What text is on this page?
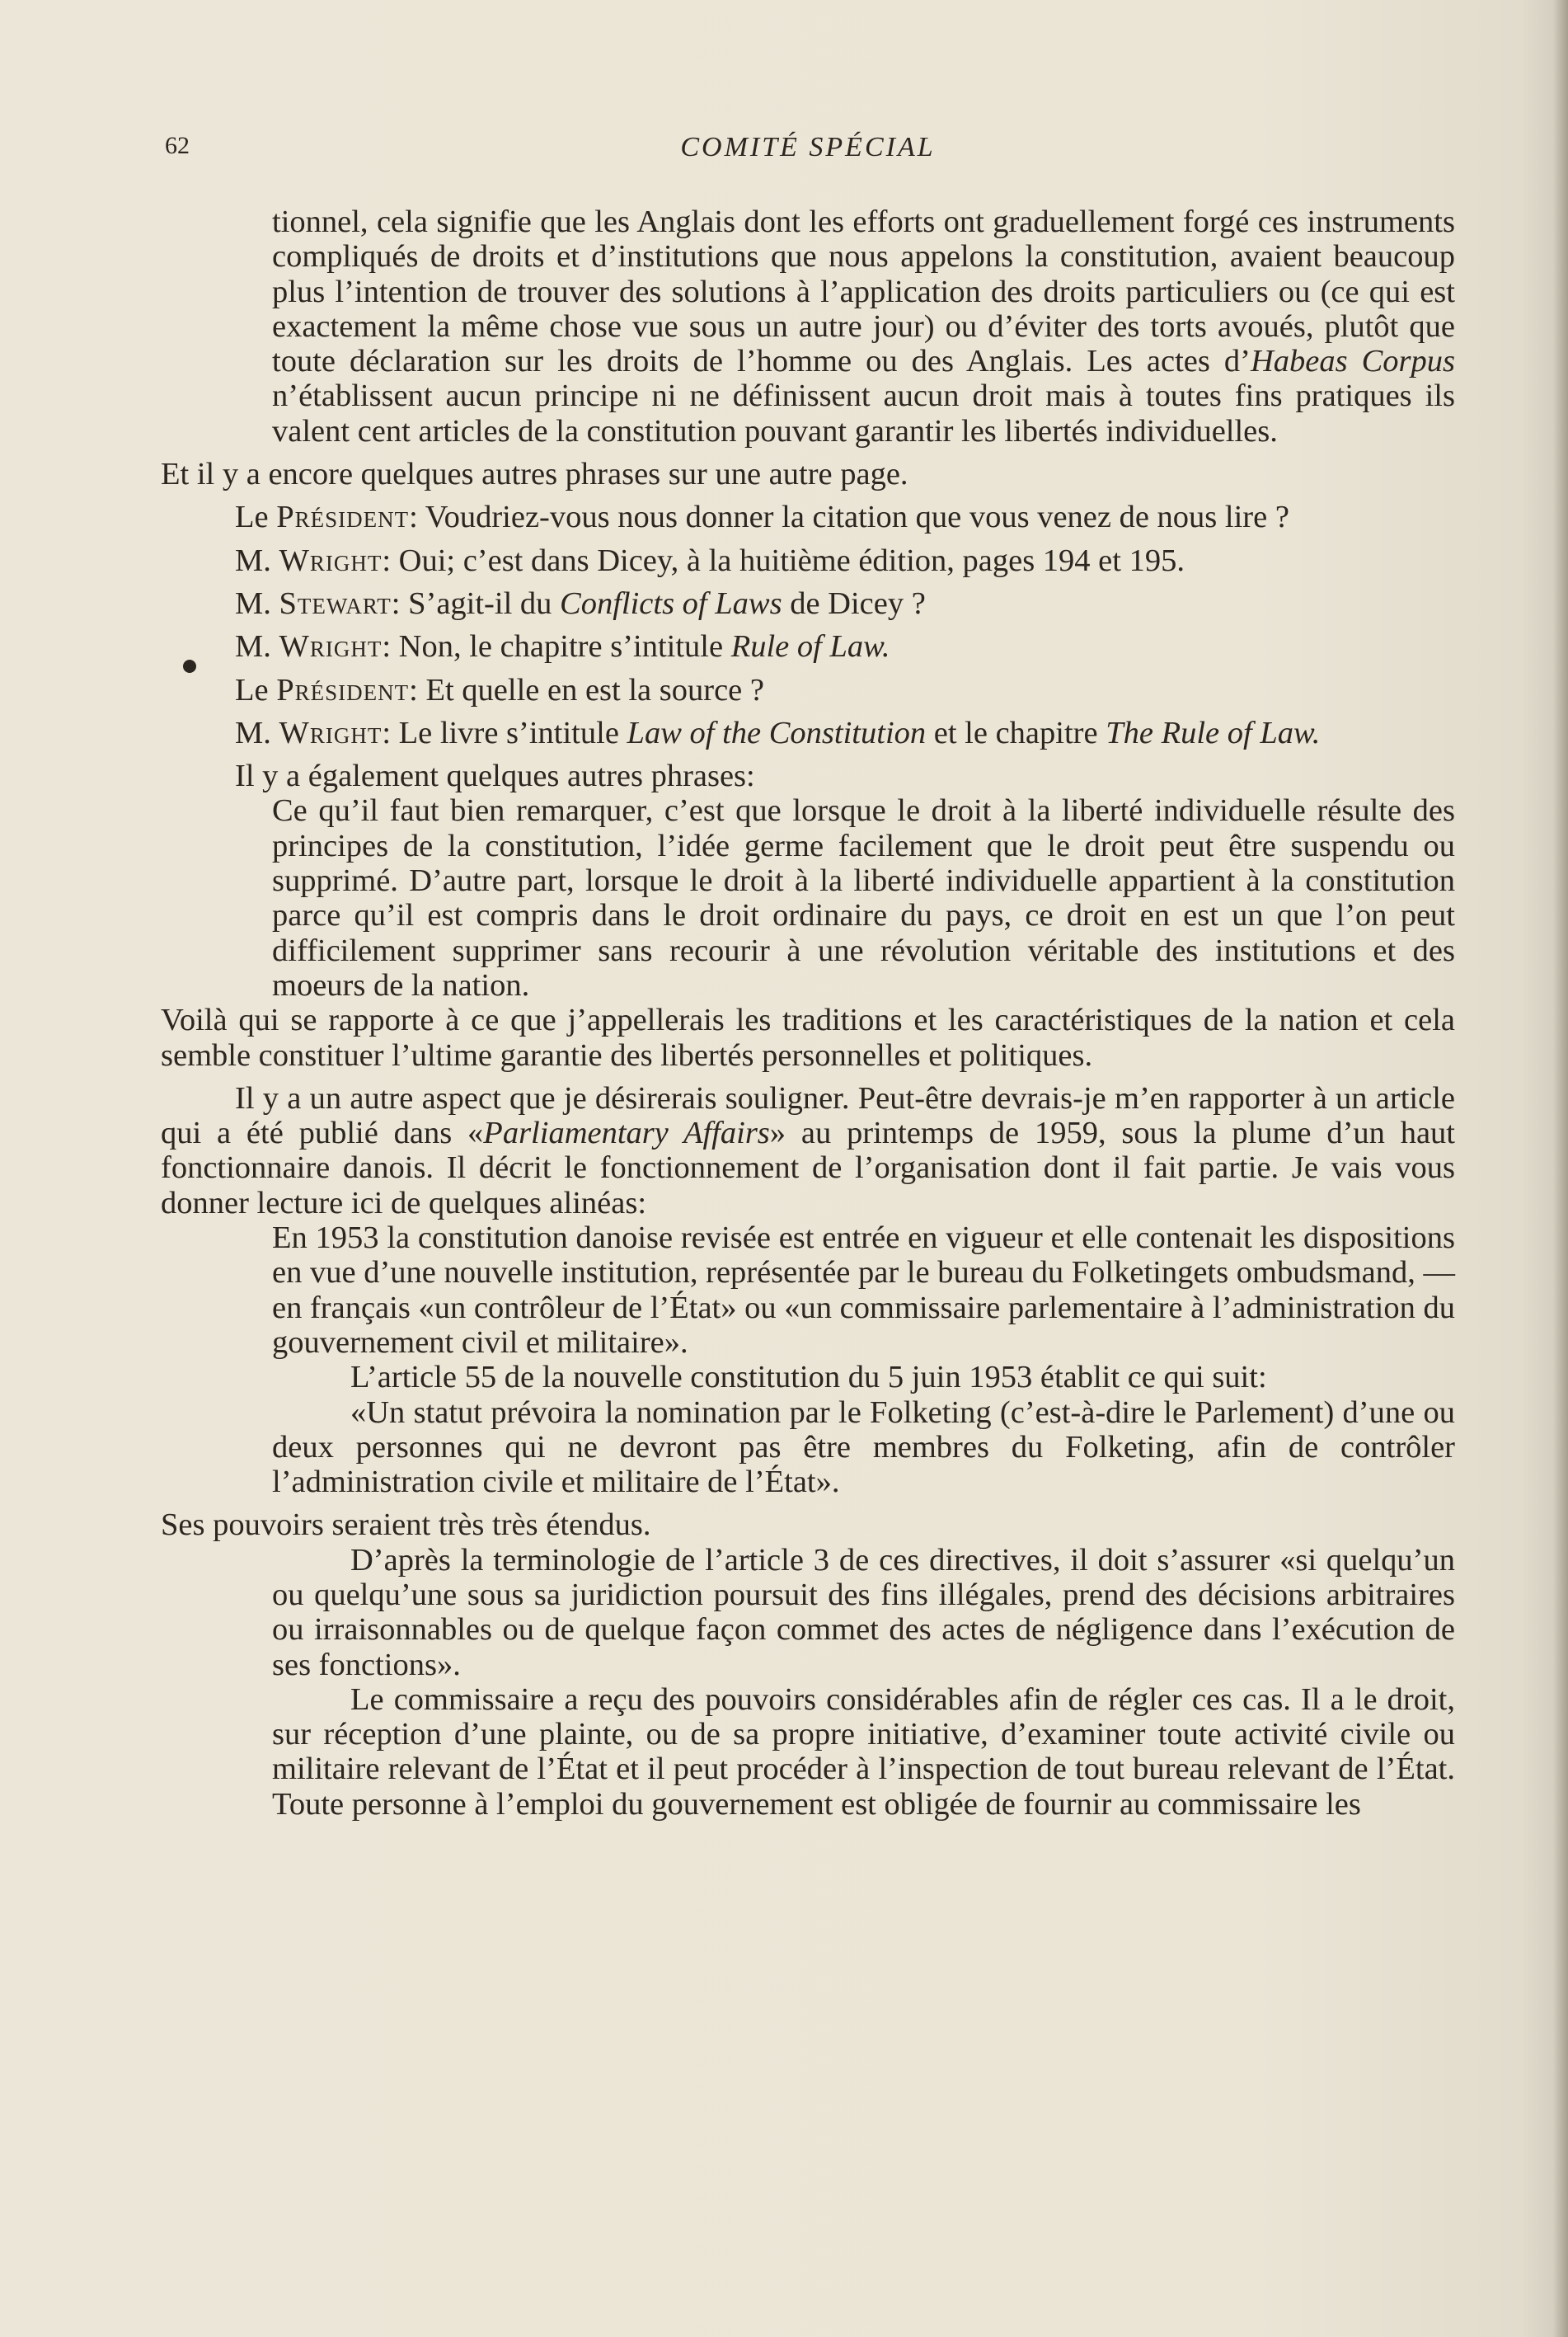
62	COMITÉ SPÉCIAL

tionnel, cela signifie que les Anglais dont les efforts ont graduellement forgé ces instruments compliqués de droits et d’institutions que nous appelons la constitution, avaient beaucoup plus l’intention de trouver des solutions à l’application des droits particuliers ou (ce qui est exactement la même chose vue sous un autre jour) ou d’éviter des torts avoués, plutôt que toute déclaration sur les droits de l’homme ou des Anglais. Les actes d’Habeas Corpus n’établissent aucun principe ni ne définissent aucun droit mais à toutes fins pratiques ils valent cent articles de la constitution pouvant garantir les libertés individuelles.

Et il y a encore quelques autres phrases sur une autre page.

Le Président: Voudriez-vous nous donner la citation que vous venez de nous lire ?

M. Wright: Oui; c’est dans Dicey, à la huitième édition, pages 194 et 195.

M. Stewart: S’agit-il du Conflicts of Laws de Dicey ?

M. Wright: Non, le chapitre s’intitule Rule of Law.

Le Président: Et quelle en est la source ?

M. Wright: Le livre s’intitule Law of the Constitution et le chapitre The Rule of Law.

Il y a également quelques autres phrases:

Ce qu’il faut bien remarquer, c’est que lorsque le droit à la liberté individuelle résulte des principes de la constitution, l’idée germe facilement que le droit peut être suspendu ou supprimé. D’autre part, lorsque le droit à la liberté individuelle appartient à la constitution parce qu’il est compris dans le droit ordinaire du pays, ce droit en est un que l’on peut difficilement supprimer sans recourir à une révolution véritable des institutions et des moeurs de la nation.

Voilà qui se rapporte à ce que j’appellerais les traditions et les caractéristiques de la nation et cela semble constituer l’ultime garantie des libertés personnelles et politiques.

Il y a un autre aspect que je désirerais souligner. Peut-être devrais-je m’en rapporter à un article qui a été publié dans «Parliamentary Affairs» au printemps de 1959, sous la plume d’un haut fonctionnaire danois. Il décrit le fonctionnement de l’organisation dont il fait partie. Je vais vous donner lecture ici de quelques alinéas:

En 1953 la constitution danoise revisée est entrée en vigueur et elle contenait les dispositions en vue d’une nouvelle institution, représentée par le bureau du Folketingets ombudsmand, — en français «un contrôleur de l’État» ou «un commissaire parlementaire à l’administration du gouvernement civil et militaire».

L’article 55 de la nouvelle constitution du 5 juin 1953 établit ce qui suit:

«Un statut prévoira la nomination par le Folketing (c’est-à-dire le Parlement) d’une ou deux personnes qui ne devront pas être membres du Folketing, afin de contrôler l’administration civile et militaire de l’État».

Ses pouvoirs seraient très très étendus.

D’après la terminologie de l’article 3 de ces directives, il doit s’assurer «si quelqu’un ou quelqu’une sous sa juridiction poursuit des fins illégales, prend des décisions arbitraires ou irraisonnables ou de quelque façon commet des actes de négligence dans l’exécution de ses fonctions».

Le commissaire a reçu des pouvoirs considérables afin de régler ces cas. Il a le droit, sur réception d’une plainte, ou de sa propre initiative, d’examiner toute activité civile ou militaire relevant de l’État et il peut procéder à l’inspection de tout bureau relevant de l’État. Toute personne à l’emploi du gouvernement est obligée de fournir au commissaire les
